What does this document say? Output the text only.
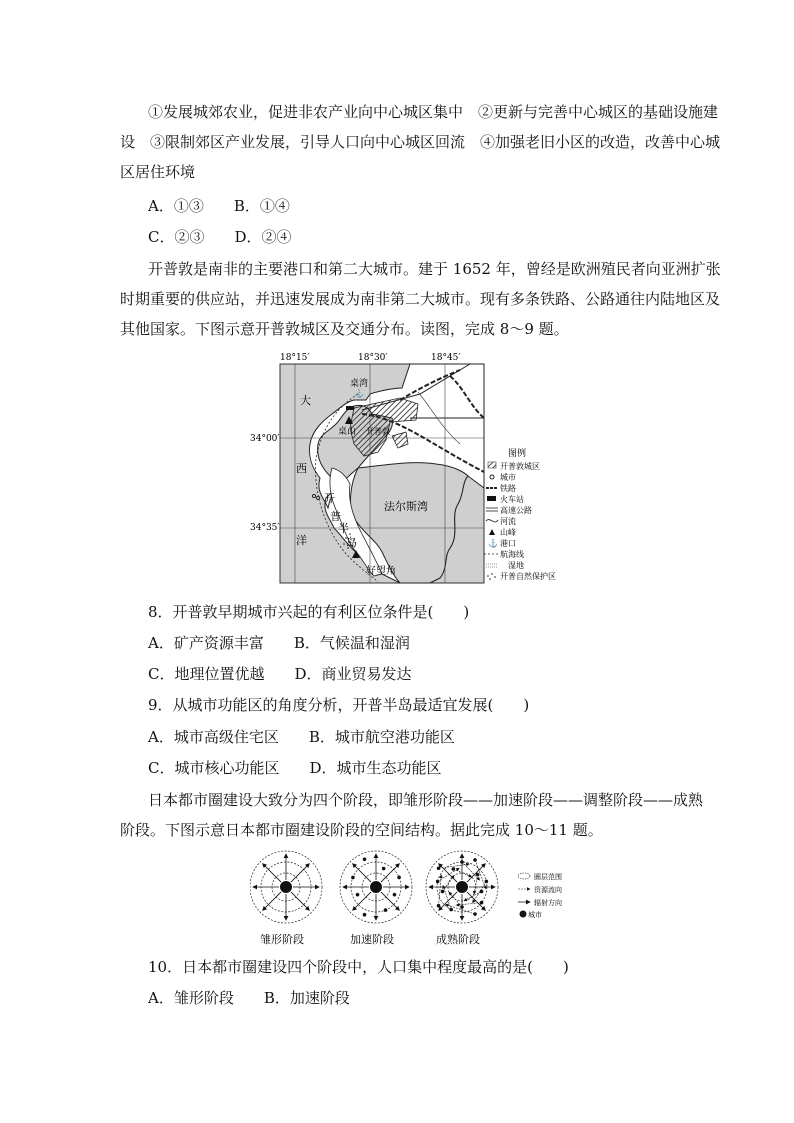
①发展城郊农业，促进非农产业向中心城区集中　②更新与完善中心城区的基础设施建
设　③限制郊区产业发展，引导人口向中心城区回流　④加强老旧小区的改造，改善中心城
区居住环境
A．①③　　B．①④
C．②③　　D．②④
开普敦是南非的主要港口和第二大城市。建于 1652 年，曾经是欧洲殖民者向亚洲扩张
时期重要的供应站，并迅速发展成为南非第二大城市。现有多条铁路、公路通往内陆地区及
其他国家。下图示意开普敦城区及交通分布。读图，完成 8～9 题。
18°15′	18°30′	18°45′
34°00′
34°35′
⚓
桌湾
桌山 开普敦
大
西
洋
开
普
半
岛
法尔斯湾
好望角
图例
开普敦城区
城市
铁路
火车站
高速公路
河流
山峰
⚓ 港口
航海线
湿地
开普自然保护区
8．开普敦早期城市兴起的有利区位条件是(　　)
A．矿产资源丰富　　B．气候温和湿润
C．地理位置优越　　D．商业贸易发达
9．从城市功能区的角度分析，开普半岛最适宜发展(　　)
A．城市高级住宅区　　B．城市航空港功能区
C．城市核心功能区　　D．城市生态功能区
日本都市圈建设大致分为四个阶段，即雏形阶段——加速阶段——调整阶段——成熟
阶段。下图示意日本都市圈建设阶段的空间结构。据此完成 10～11 题。
雏形阶段	加速阶段	成熟阶段
圈层范围
资源流向
辐射方向
城市
10．日本都市圈建设四个阶段中，人口集中程度最高的是(　　)
A．雏形阶段　　B．加速阶段
